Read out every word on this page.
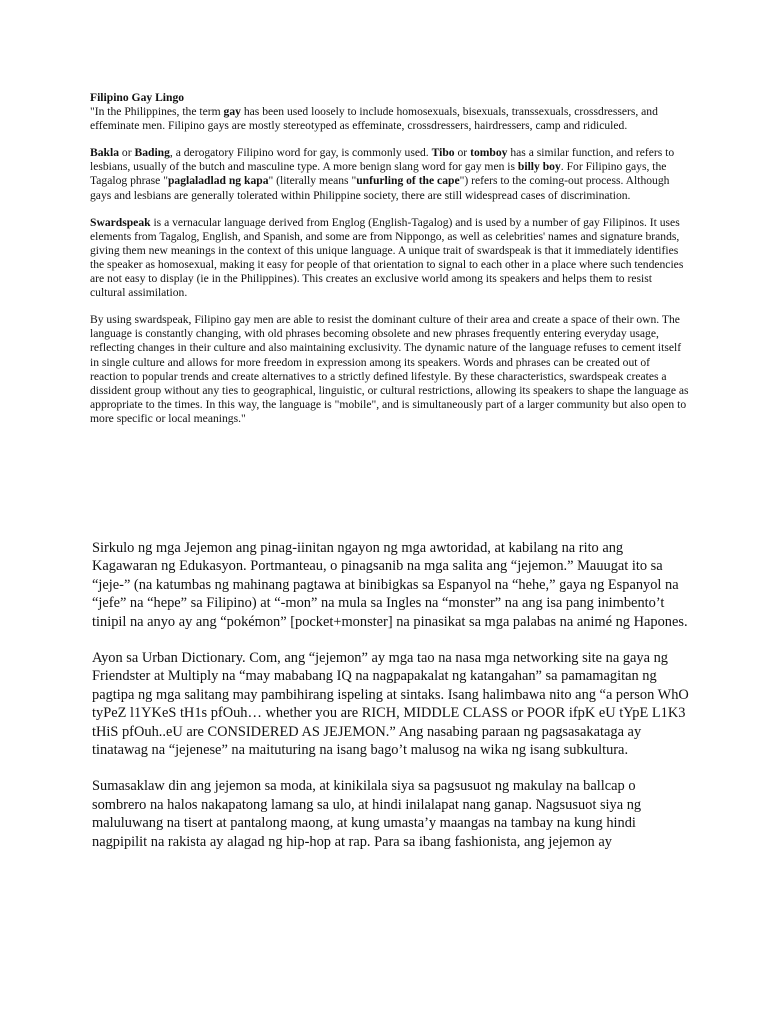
Filipino Gay Lingo

"In the Philippines, the term gay has been used loosely to include homosexuals, bisexuals, transsexuals, crossdressers, and effeminate men. Filipino gays are mostly stereotyped as effeminate, crossdressers, hairdressers, camp and ridiculed.

Bakla or Bading, a derogatory Filipino word for gay, is commonly used. Tibo or tomboy has a similar function, and refers to lesbians, usually of the butch and masculine type. A more benign slang word for gay men is billy boy. For Filipino gays, the Tagalog phrase "paglaladlad ng kapa" (literally means "unfurling of the cape") refers to the coming-out process. Although gays and lesbians are generally tolerated within Philippine society, there are still widespread cases of discrimination.

Swardspeak is a vernacular language derived from Englog (English-Tagalog) and is used by a number of gay Filipinos. It uses elements from Tagalog, English, and Spanish, and some are from Nippongo, as well as celebrities' names and signature brands, giving them new meanings in the context of this unique language. A unique trait of swardspeak is that it immediately identifies the speaker as homosexual, making it easy for people of that orientation to signal to each other in a place where such tendencies are not easy to display (ie in the Philippines). This creates an exclusive world among its speakers and helps them to resist cultural assimilation.

By using swardspeak, Filipino gay men are able to resist the dominant culture of their area and create a space of their own. The language is constantly changing, with old phrases becoming obsolete and new phrases frequently entering everyday usage, reflecting changes in their culture and also maintaining exclusivity. The dynamic nature of the language refuses to cement itself in single culture and allows for more freedom in expression among its speakers. Words and phrases can be created out of reaction to popular trends and create alternatives to a strictly defined lifestyle. By these characteristics, swardspeak creates a dissident group without any ties to geographical, linguistic, or cultural restrictions, allowing its speakers to shape the language as appropriate to the times. In this way, the language is "mobile", and is simultaneously part of a larger community but also open to more specific or local meanings."

Sirkulo ng mga Jejemon ang pinag-iinitan ngayon ng mga awtoridad, at kabilang na rito ang Kagawaran ng Edukasyon. Portmanteau, o pinagsanib na mga salita ang “jejemon.” Mauugat ito sa “jeje-” (na katumbas ng mahinang pagtawa at binibigkas sa Espanyol na “hehe,” gaya ng Espanyol na “jefe” na “hepe” sa Filipino) at “-mon” na mula sa Ingles na “monster” na ang isa pang inimbento’t tinipil na anyo ay ang “pokémon” [pocket+monster] na pinasikat sa mga palabas na animé ng Hapones.

Ayon sa Urban Dictionary. Com, ang “jejemon” ay mga tao na nasa mga networking site na gaya ng Friendster at Multiply na “may mababang IQ na nagpapakalat ng katangahan” sa pamamagitan ng pagtipa ng mga salitang may pambihirang ispeling at sintaks. Isang halimbawa nito ang “a person WhO tyPeZ l1YKeS tH1s pfOuh… whether you are RICH, MIDDLE CLASS or POOR ifpK eU tYpE L1K3 tHiS pfOuh..eU are CONSIDERED AS JEJEMON.” Ang nasabing paraan ng pagsasakataga ay tinatawag na “jejenese” na maituturing na isang bago’t malusog na wika ng isang subkultura.

Sumasaklaw din ang jejemon sa moda, at kinikilala siya sa pagsusuot ng makulay na ballcap o sombrero na halos nakapatong lamang sa ulo, at hindi inilalapat nang ganap. Nagsusuot siya ng maluluwang na tisert at pantalong maong, at kung umasta’y maangas na tambay na kung hindi nagpipilit na rakista ay alagad ng hip-hop at rap. Para sa ibang fashionista, ang jejemon ay
